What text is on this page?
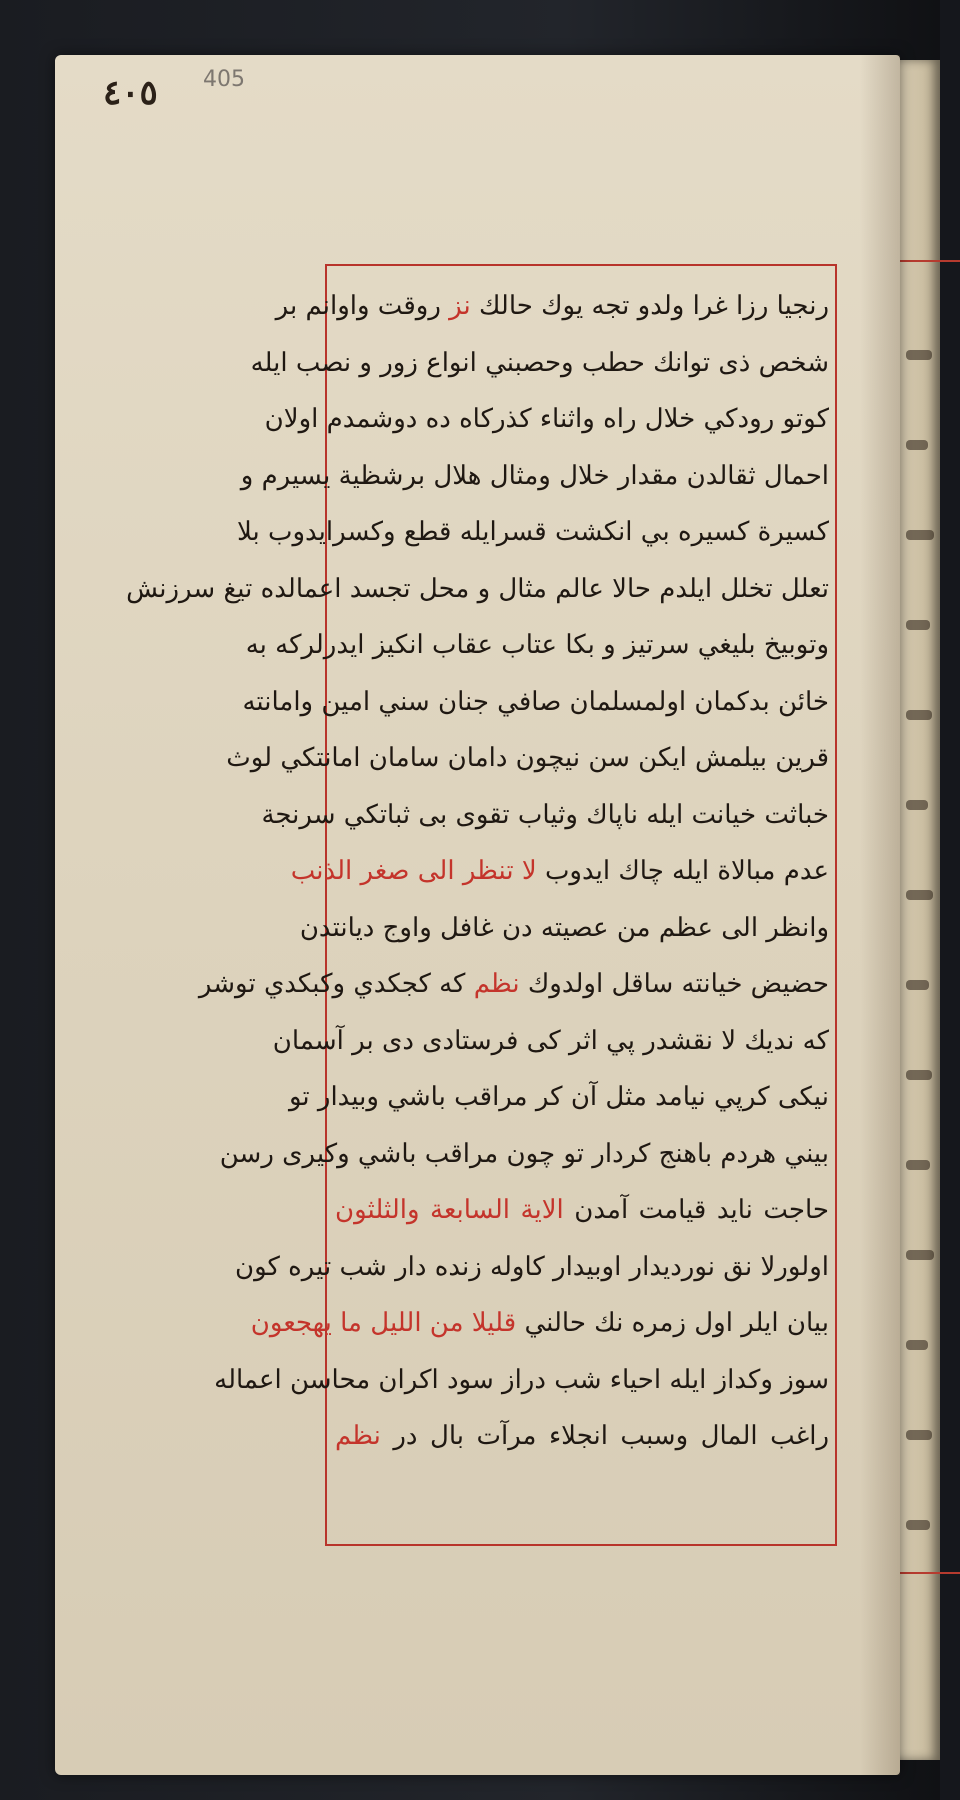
٤٠٥ 405
رنجيا رزا غرا ولدو تجه يوك حالك نز روقت واوانم بر
شخص ذى توانك حطب وحصبني انواع زور و نصب ايله
كوتو رودكي خلال راه واثناء كذركاه ده دوشمدم اولان
احمال ثقالدن مقدار خلال ومثال هلال برشظية يسيرم و
كسيرة كسيره بي انكشت قسرايله قطع وكسرايدوب بلا
تعلل تخلل ايلدم حالا عالم مثال و محل تجسد اعمالده تيغ سرزنش
وتوبيخ بليغي سرتيز و بكا عتاب عقاب انكيز ايدرلركه به
خائن بدكمان اولمسلمان صافي جنان سني امين وامانته
قرين بيلمش ايكن سن نيچون دامان سامان امانتكي لوث
خباثت خيانت ايله ناپاك وثياب تقوى بى ثباتكي سرنجة
عدم مبالاة ايله چاك ايدوب لا تنظر الى صغر الذنب
وانظر الى عظم من عصيته دن غافل واوج ديانتدن
حضيض خيانته ساقل اولدوك نظم كه كجكدي وكبكدي توشر
كه نديك لا نقشدر پي اثر كى فرستادى دى بر آسمان
نيكى كرپي نيامد مثل آن كر مراقب باشي وبيدار تو
بيني هردم باهنج كردار تو چون مراقب باشي وكيرى رسن
حاجت نايد قيامت آمدن الاية السابعة والثلثون
اولورلا نق نوردیدار اوبیدار كاوله زنده دار شب تیره كون
بيان ايلر اول زمره نك حالني قليلا من الليل ما يهجعون
سوز وكداز ايله احياء شب دراز سود اكران محاسن اعماله
راغب المال وسبب انجلاء مرآت بال در نظم
